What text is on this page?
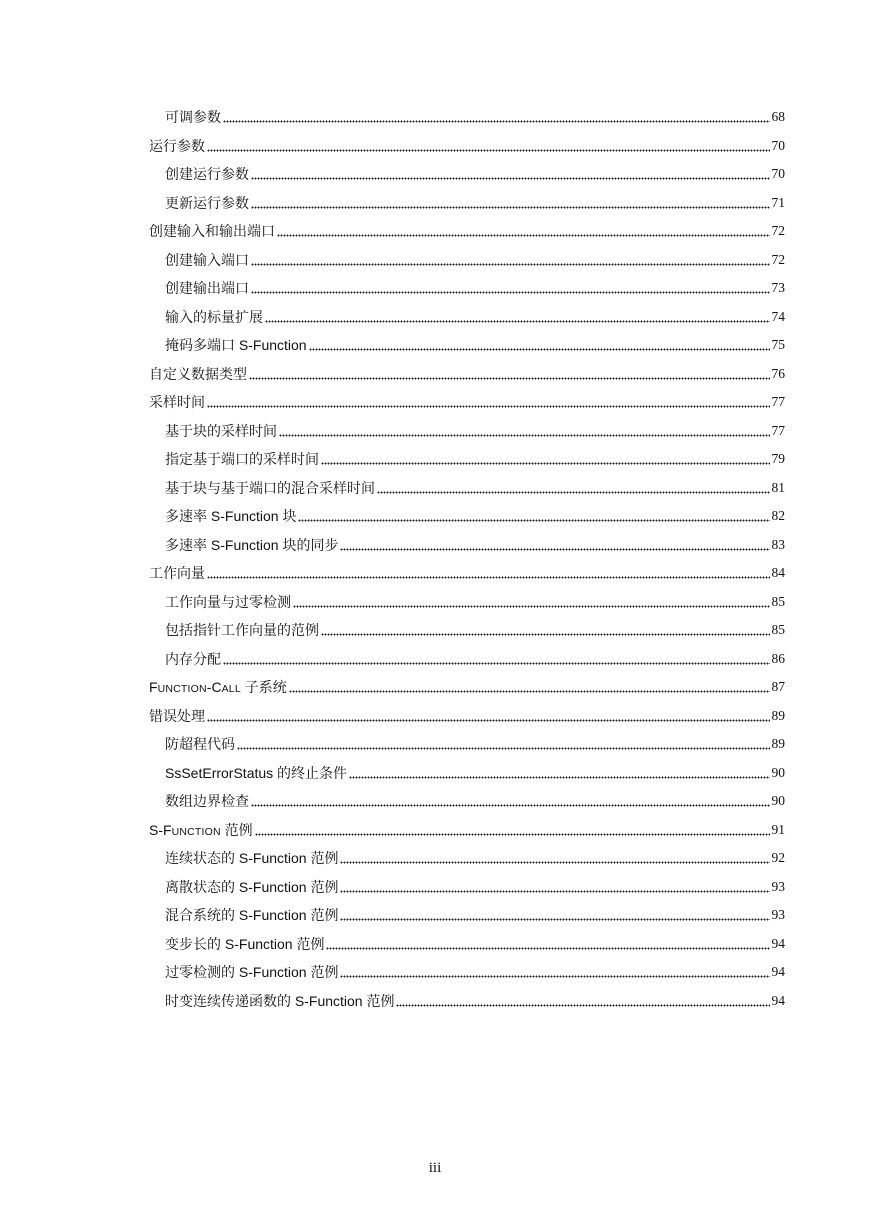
可调参数	68
运行参数	70
创建运行参数	70
更新运行参数	71
创建输入和输出端口	72
创建输入端口	72
创建输出端口	73
输入的标量扩展	74
掩码多端口 S-Function	75
自定义数据类型	76
采样时间	77
基于块的采样时间	77
指定基于端口的采样时间	79
基于块与基于端口的混合采样时间	81
多速率 S-Function 块	82
多速率 S-Function 块的同步	83
工作向量	84
工作向量与过零检测	85
包括指针工作向量的范例	85
内存分配	86
FUNCTION-CALL 子系统	87
错误处理	89
防超程代码	89
SsSetErrorStatus 的终止条件	90
数组边界检查	90
S-FUNCTION 范例	91
连续状态的 S-Function 范例	92
离散状态的 S-Function 范例	93
混合系统的 S-Function 范例	93
变步长的 S-Function 范例	94
过零检测的 S-Function 范例	94
时变连续传递函数的 S-Function 范例	94
iii
